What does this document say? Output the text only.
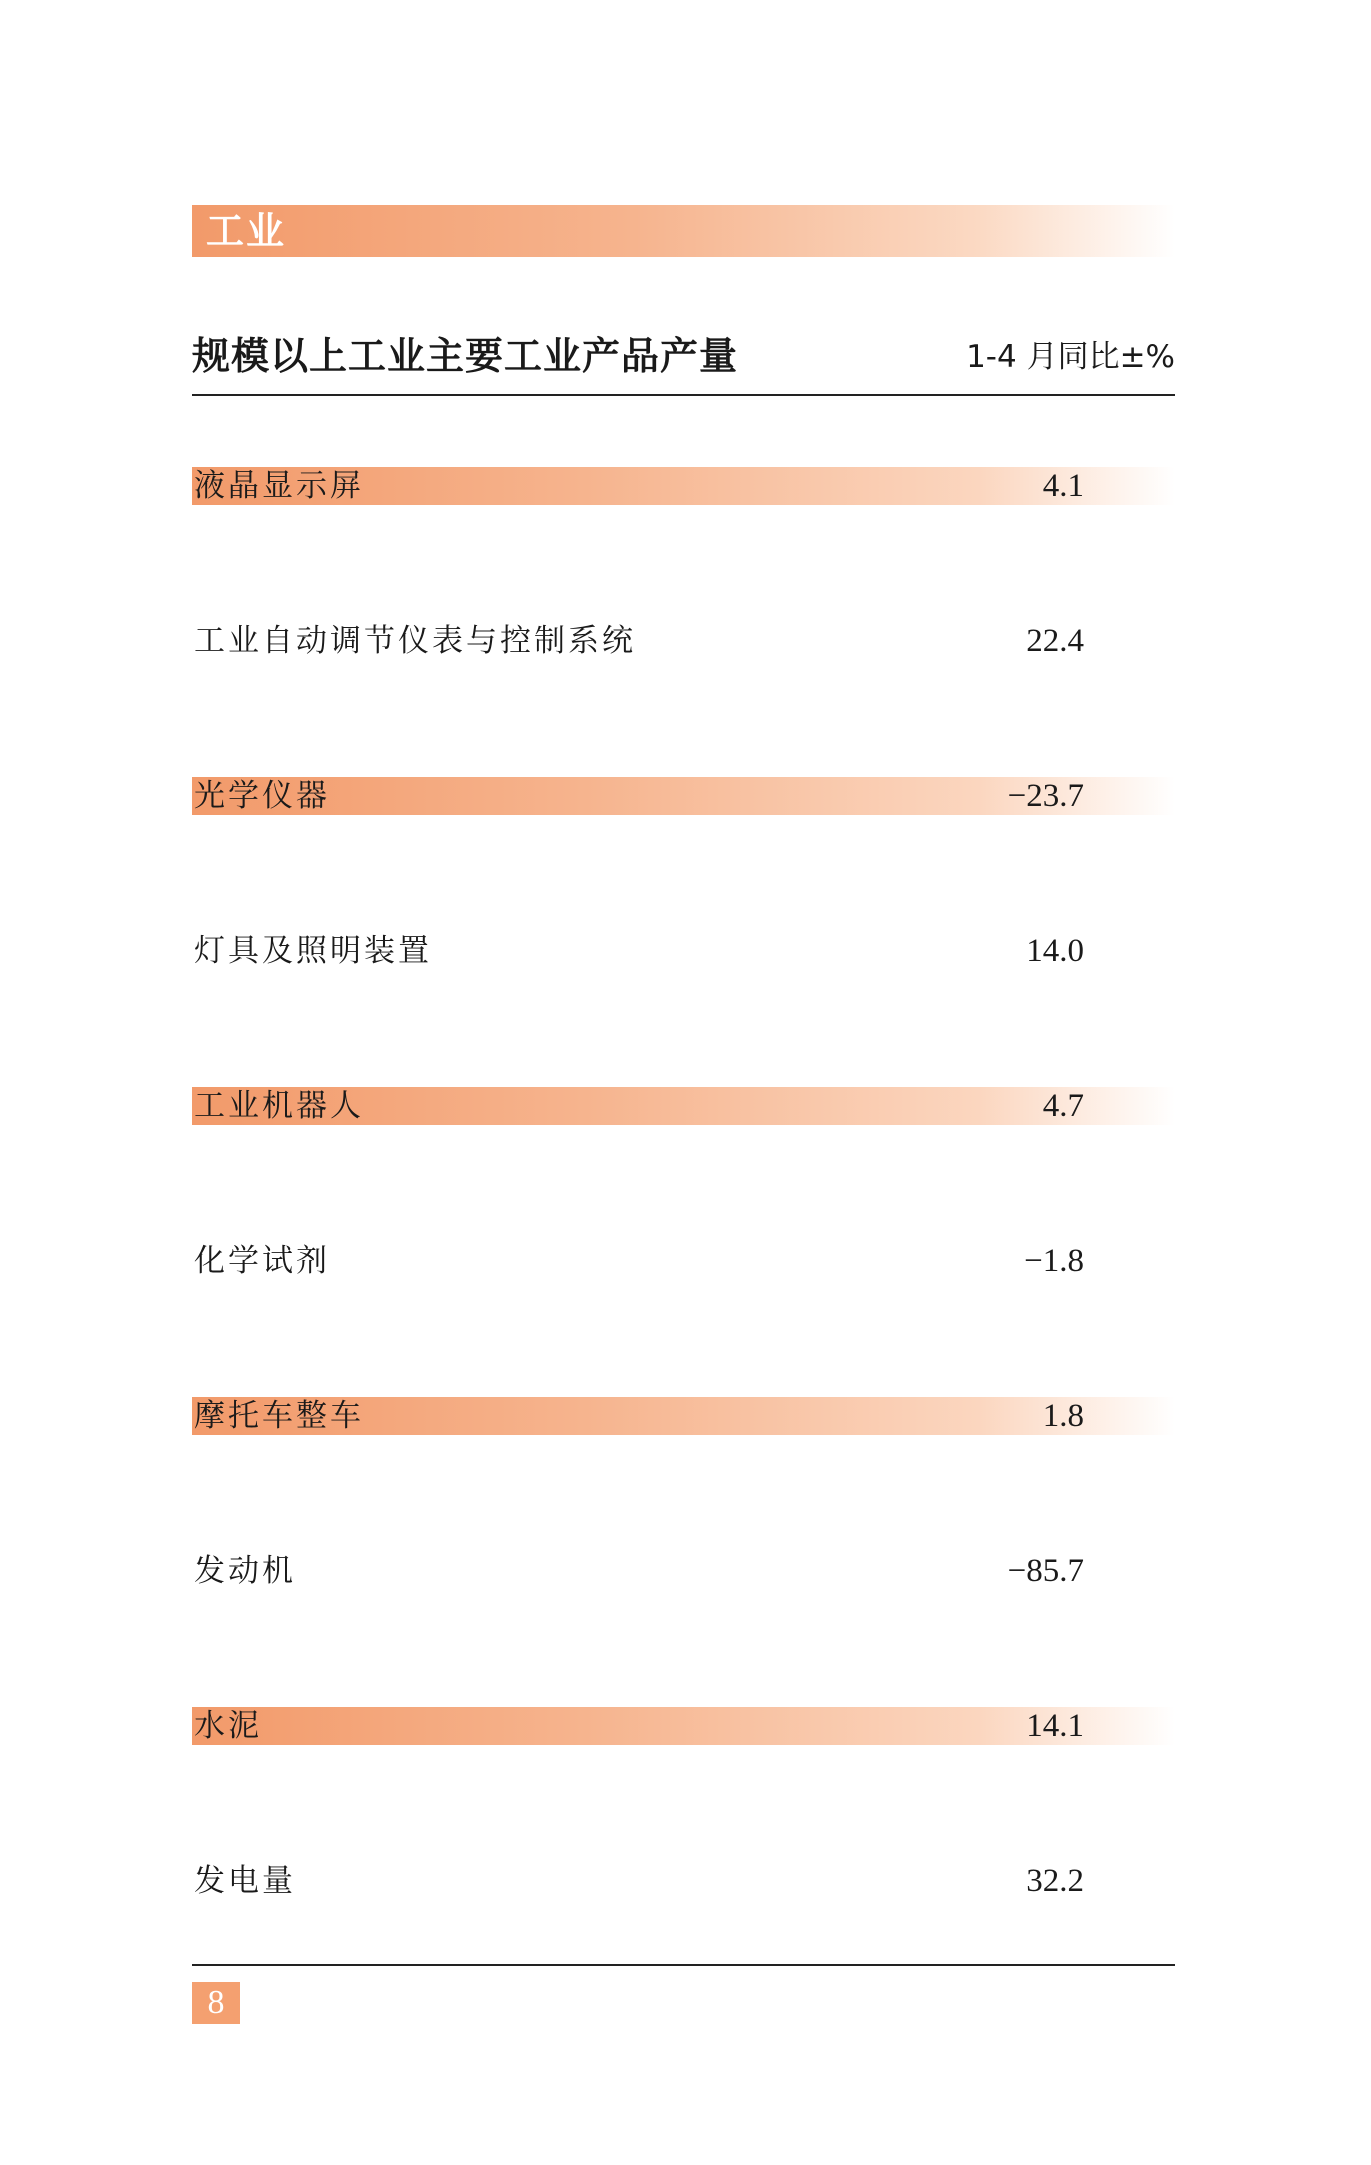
工业
规模以上工业主要工业产品产量	1-4 月同比±%
液晶显示屏	4.1
工业自动调节仪表与控制系统	22.4
光学仪器	−23.7
灯具及照明装置	14.0
工业机器人	4.7
化学试剂	−1.8
摩托车整车	1.8
发动机	−85.7
水泥	14.1
发电量	32.2
8
